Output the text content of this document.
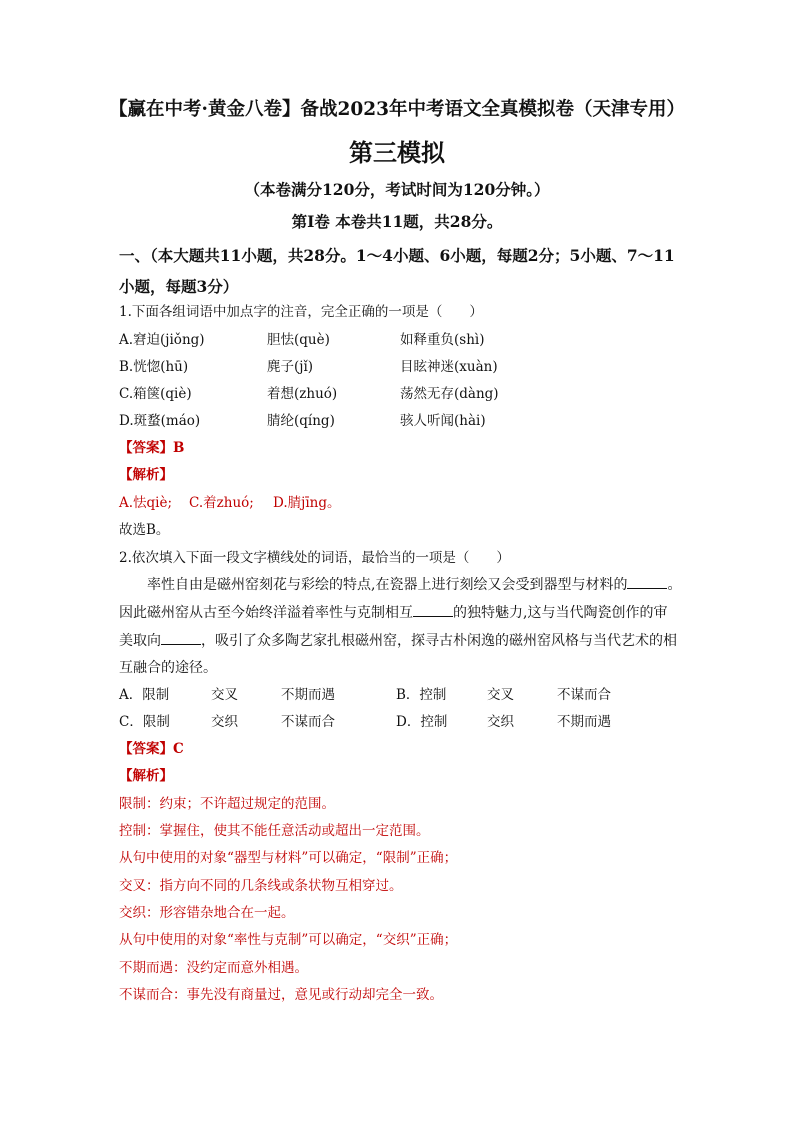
【赢在中考·黄金八卷】备战2023年中考语文全真模拟卷（天津专用）
第三模拟
（本卷满分120分，考试时间为120分钟。）
第Ⅰ卷 本卷共11题，共28分。
一、（本大题共11小题，共28分。1～4小题、6小题，每题2分；5小题、7～11小题，每题3分）
1.下面各组词语中加点字的注音，完全正确的一项是（　　）
A.窘迫(jiǒng)	胆怯(què)	如释重负(shì)
B.恍惚(hū)	麂子(jǐ)	目眩神迷(xuàn)
C.箱箧(qiè)	着想(zhuó)	荡然无存(dàng)
D.斑蝥(máo)	腈纶(qíng)	骇人听闻(hài)
【答案】B
【解析】
A.怯qiè; C.着zhuó; D.腈jīng。
故选B。
2.依次填入下面一段文字横线处的词语，最恰当的一项是（　　）
率性自由是磁州窑刻花与彩绘的特点,在瓷器上进行刻绘又会受到器型与材料的	。
因此磁州窑从古至今始终洋溢着率性与克制相互	的独特魅力,这与当代陶瓷创作的审
美取向	，吸引了众多陶艺家扎根磁州窑，探寻古朴闲逸的磁州窑风格与当代艺术的相
互融合的途径。
A．限制	交叉	不期而遇	B．控制	交叉	不谋而合
C．限制	交织	不谋而合	D．控制	交织	不期而遇
【答案】C
【解析】
限制：约束；不许超过规定的范围。
控制：掌握住，使其不能任意活动或超出一定范围。
从句中使用的对象“器型与材料”可以确定，“限制”正确；
交叉：指方向不同的几条线或条状物互相穿过。
交织：形容错杂地合在一起。
从句中使用的对象“率性与克制”可以确定，“交织”正确；
不期而遇：没约定而意外相遇。
不谋而合：事先没有商量过，意见或行动却完全一致。
